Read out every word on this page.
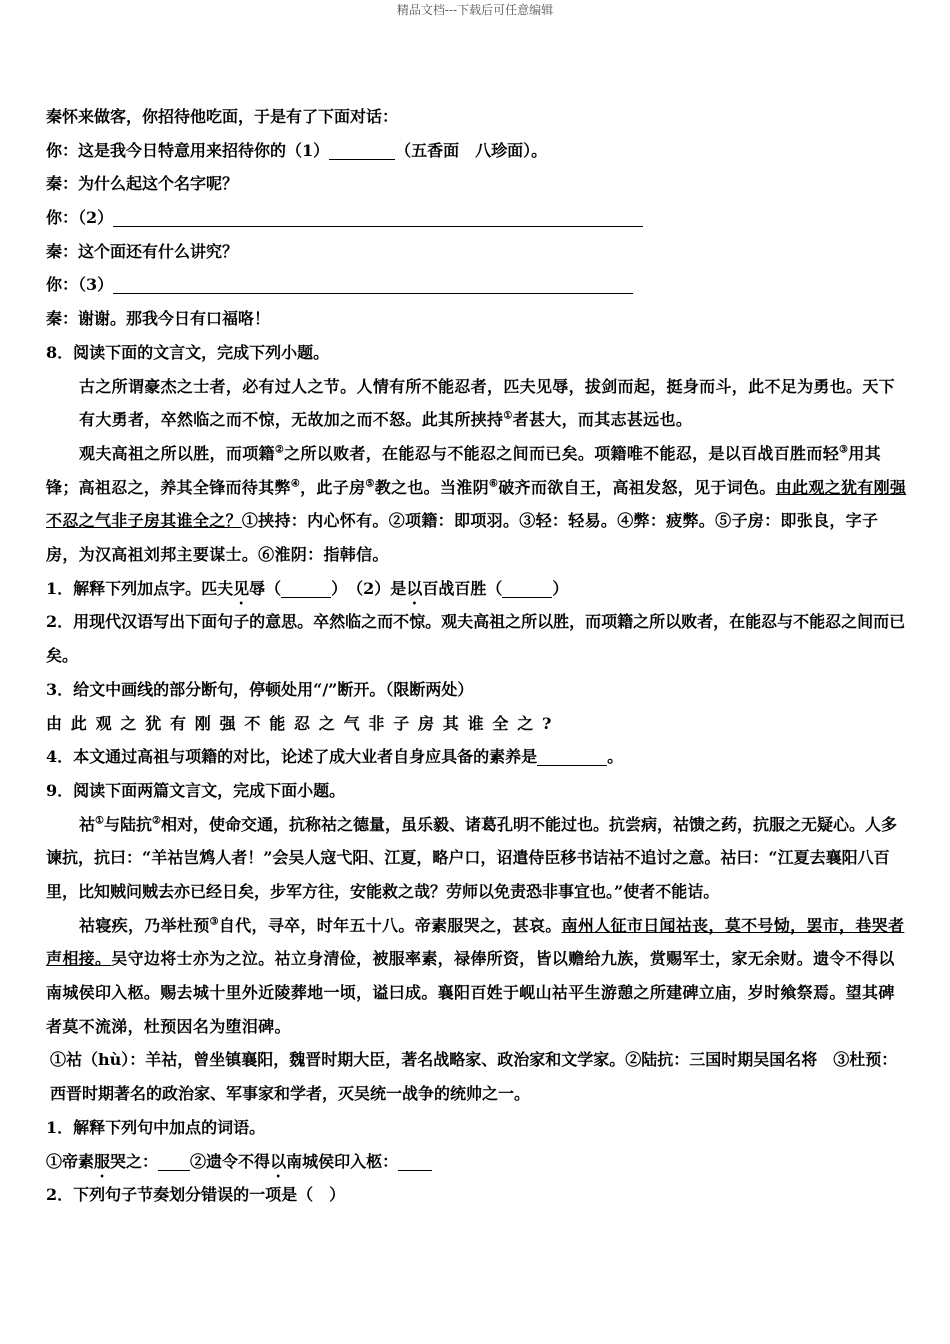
精品文档---下载后可任意编辑
秦怀来做客，你招待他吃面，于是有了下面对话：
你：这是我今日特意用来招待你的（1）	（五香面　八珍面）。
秦：为什么起这个名字呢？
你：（2）
秦：这个面还有什么讲究？
你：（3）
秦：谢谢。那我今日有口福咯！
8．阅读下面的文言文，完成下列小题。
古之所谓豪杰之士者，必有过人之节。人情有所不能忍者，匹夫见辱，拔剑而起，挺身而斗，此不足为勇也。天下有大勇者，卒然临之而不惊，无故加之而不怒。此其所挟持①者甚大，而其志甚远也。
观夫高祖之所以胜，而项籍②之所以败者，在能忍与不能忍之间而已矣。项籍唯不能忍，是以百战百胜而轻③用其锋；高祖忍之，养其全锋而待其弊④，此子房⑤教之也。当淮阴⑥破齐而欲自王，高祖发怒，见于词色。由此观之犹有刚强不忍之气非子房其谁全之？①挟持：内心怀有。②项籍：即项羽。③轻：轻易。④弊：疲弊。⑤子房：即张良，字子房，为汉高祖刘邦主要谋士。⑥淮阴：指韩信。
1．解释下列加点字。匹夫见辱（	）　（2）是以百战百胜（	）
2．用现代汉语写出下面句子的意思。卒然临之而不惊。观夫高祖之所以胜，而项籍之所以败者，在能忍与不能忍之间而已矣。
3．给文中画线的部分断句，停顿处用“/”断开。（限断两处）
由此观之犹有刚强不能忍之气非子房其谁全之?
4．本文通过高祖与项籍的对比，论述了成大业者自身应具备的素养是	。
9．阅读下面两篇文言文，完成下面小题。
祜①与陆抗②相对，使命交通，抗称祜之德量，虽乐毅、诸葛孔明不能过也。抗尝病，祜馈之药，抗服之无疑心。人多谏抗，抗曰：“羊祜岂鸩人者！”会吴人寇弋阳、江夏，略户口，诏遣侍臣移书诘祜不追讨之意。祜曰：“江夏去襄阳八百里，比知贼问贼去亦已经日矣，步军方往，安能救之哉？劳师以免责恐非事宜也。”使者不能诘。
祜寝疾，乃举杜预③自代，寻卒，时年五十八。帝素服哭之，甚哀。南州人征市日闻祜丧，莫不号恸，罢市，巷哭者声相接。吴守边将士亦为之泣。祜立身清俭，被服率素，禄俸所资，皆以赡给九族，赏赐军士，家无余财。遗令不得以南城侯印入柩。赐去城十里外近陵葬地一顷，谥曰成。襄阳百姓于岘山祜平生游憩之所建碑立庙，岁时飨祭焉。望其碑者莫不流涕，杜预因名为堕泪碑。
①祜（hù）：羊祜，曾坐镇襄阳，魏晋时期大臣，著名战略家、政治家和文学家。②陆抗：三国时期吴国名将　③杜预：西晋时期著名的政治家、军事家和学者，灭吴统一战争的统帅之一。
1．解释下列句中加点的词语。
①帝素服哭之： ②遗令不得以南城侯印入柩：
2．下列句子节奏划分错误的一项是（　）
